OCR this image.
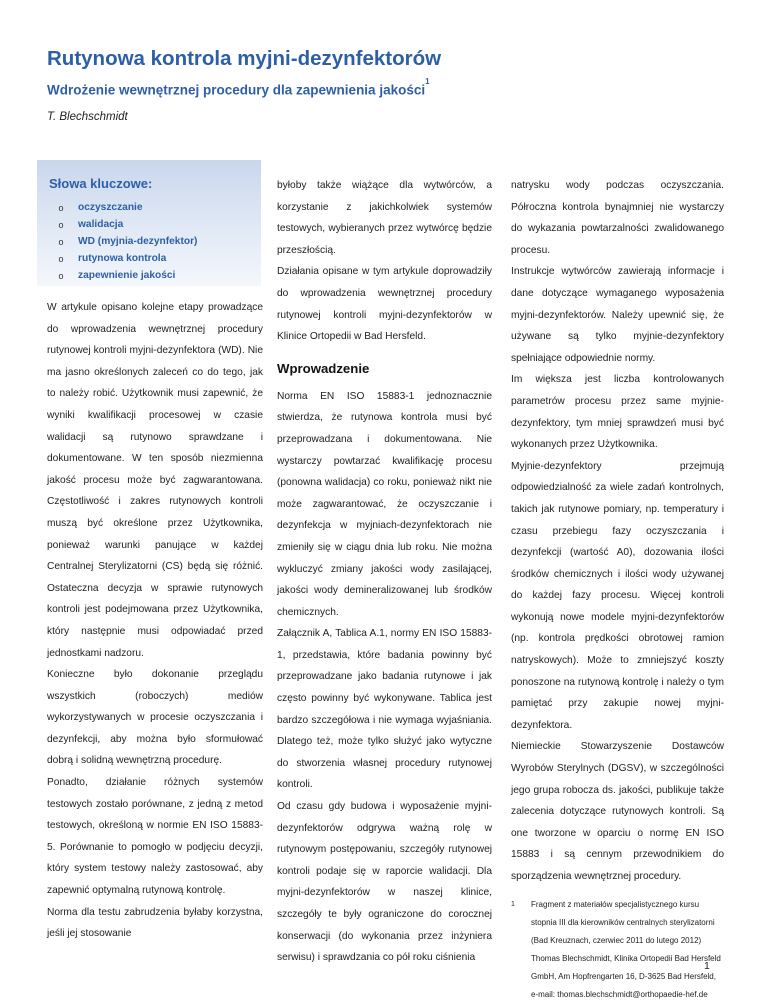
Rutynowa kontrola myjni-dezynfektorów
Wdrożenie wewnętrznej procedury dla zapewnienia jakości$^1$
T. Blechschmidt
Słowa kluczowe:
o oczyszczanie
o walidacja
o WD (myjnia-dezynfektor)
o rutynowa kontrola
o zapewnienie jakości

W artykule opisano kolejne etapy prowadzące do wprowadzenia wewnętrznej procedury rutynowej kontroli myjni-dezynfektora (WD). Nie ma jasno określonych zaleceń co do tego, jak to należy robić. Użytkownik musi zapewnić, że wyniki kwalifikacji procesowej w czasie walidacji są rutynowo sprawdzane i dokumentowane. W ten sposób niezmienna jakość procesu może być zagwarantowana. Częstotliwość i zakres rutynowych kontroli muszą być określone przez Użytkownika, ponieważ warunki panujące w każdej Centralnej Sterylizatorni (CS) będą się różnić. Ostateczna decyzja w sprawie rutynowych kontroli jest podejmowana przez Użytkownika, który następnie musi odpowiadać przed jednostkami nadzoru.

Konieczne było dokonanie przeglądu wszystkich (roboczych) mediów wykorzystywanych w procesie oczyszczania i dezynfekcji, aby można było sformułować dobrą i solidną wewnętrzną procedurę.

Ponadto, działanie różnych systemów testowych zostało porównane, z jedną z metod testowych, określoną w normie EN ISO 15883-5. Porównanie to pomogło w podjęciu decyzji, który system testowy należy zastosować, aby zapewnić optymalną rutynową kontrolę.

Norma dla testu zabrudzenia byłaby korzystna, jeśli jej stosowanie

byłoby także wiążące dla wytwórców, a korzystanie z jakichkolwiek systemów testowych, wybieranych przez wytwórcę będzie przeszłością.

Działania opisane w tym artykule doprowadziły do wprowadzenia wewnętrznej procedury rutynowej kontroli myjni-dezynfektorów w Klinice Ortopedii w Bad Hersfeld.

Wprowadzenie

Norma EN ISO 15883-1 jednoznacznie stwierdza, że rutynowa kontrola musi być przeprowadzana i dokumentowana. Nie wystarczy powtarzać kwalifikację procesu (ponowna walidacja) co roku, ponieważ nikt nie może zagwarantować, że oczyszczanie i dezynfekcja w myjniach-dezynfektorach nie zmieniły się w ciągu dnia lub roku. Nie można wykluczyć zmiany jakości wody zasilającej, jakości wody demineralizowanej lub środków chemicznych.

Załącznik A, Tablica A.1, normy EN ISO 15883-1, przedstawia, które badania powinny być przeprowadzane jako badania rutynowe i jak często powinny być wykonywane. Tablica jest bardzo szczegółowa i nie wymaga wyjaśniania. Dlatego też, może tylko służyć jako wytyczne do stworzenia własnej procedury rutynowej kontroli.

Od czasu gdy budowa i wyposażenie myjni-dezynfektorów odgrywa ważną rolę w rutynowym postępowaniu, szczegóły rutynowej kontroli podaje się w raporcie walidacji. Dla myjni-dezynfektorów w naszej klinice, szczegóły te były ograniczone do corocznej konserwacji (do wykonania przez inżyniera serwisu) i sprawdzania co pół roku ciśnienia

natrysku wody podczas oczyszczania. Półroczna kontrola bynajmniej nie wystarczy do wykazania powtarzalności zwalidowanego procesu.

Instrukcje wytwórców zawierają informacje i dane dotyczące wymaganego wyposażenia myjni-dezynfektorów. Należy upewnić się, że używane są tylko myjnie-dezynfektory spełniające odpowiednie normy.

Im większa jest liczba kontrolowanych parametrów procesu przez same myjnie-dezynfektory, tym mniej sprawdzeń musi być wykonanych przez Użytkownika.

Myjnie-dezynfektory przejmują odpowiedzialność za wiele zadań kontrolnych, takich jak rutynowe pomiary, np. temperatury i czasu przebiegu fazy oczyszczania i dezynfekcji (wartość A0), dozowania ilości środków chemicznych i ilości wody używanej do każdej fazy procesu. Więcej kontroli wykonują nowe modele myjni-dezynfektorów (np. kontrola prędkości obrotowej ramion natryskowych). Może to zmniejszyć koszty ponoszone na rutynową kontrolę i należy o tym pamiętać przy zakupie nowej myjni-dezynfektora.

Niemieckie Stowarzyszenie Dostawców Wyrobów Sterylnych (DGSV), w szczególności jego grupa robocza ds. jakości, publikuje także zalecenia dotyczące rutynowych kontroli. Są one tworzone w oparciu o normę EN ISO 15883 i są cennym przewodnikiem do sporządzenia wewnętrznej procedury.

1	Fragment z materiałów specjalistycznego kursu stopnia III dla kierowników centralnych sterylizatorni (Bad Kreuznach, czerwiec 2011 do lutego 2012) Thomas Blechschmidt, Klinika Ortopedii Bad Hersfeld GmbH, Am Hopfrengarten 16, D-3625 Bad Hersfeld, e-mail: thomas.blechschmidt@orthopaedie-hef.de
1
